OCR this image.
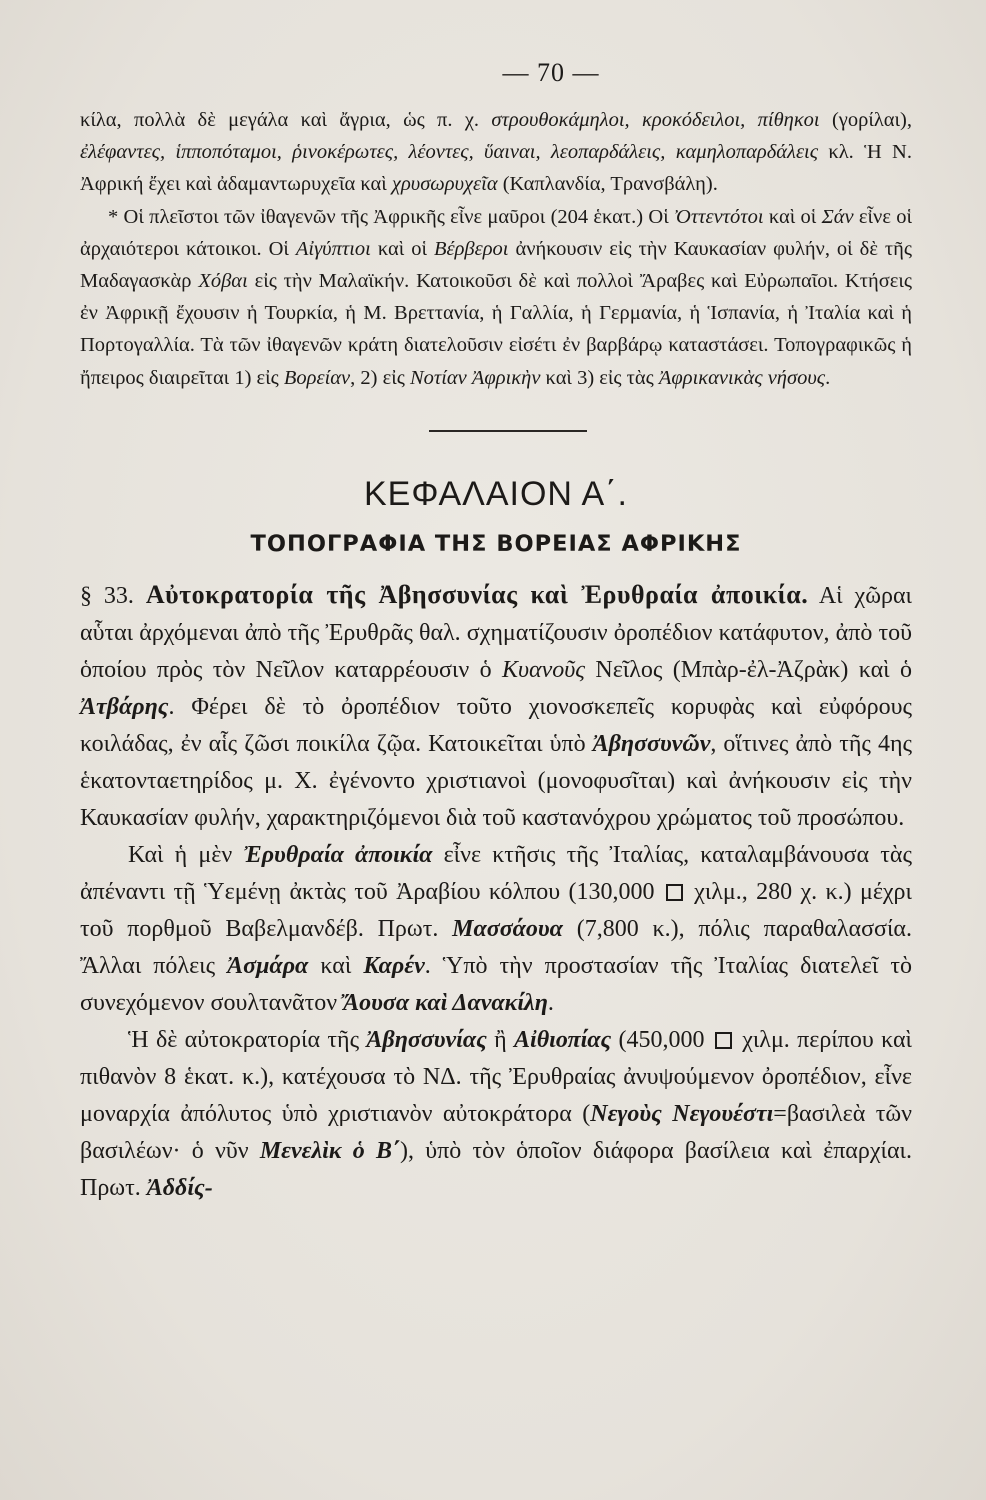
— 70 —

κίλα, πολλὰ δὲ μεγάλα καὶ ἄγρια, ὡς π. χ. στρουθοκάμηλοι, κροκόδειλοι, πίθηκοι (γορίλαι), ἐλέφαντες, ἱπποπόταμοι, ῥινοκέρωτες, λέοντες, ὕαιναι, λεοπαρδάλεις, καμηλοπαρδάλεις κλ. Ἡ Ν. Ἀφρική ἔχει καὶ ἀδαμαντωρυχεῖα καὶ χρυσωρυχεῖα (Καπλανδία, Τρανσβάλη).

* Οἱ πλεῖστοι τῶν ἰθαγενῶν τῆς Ἀφρικῆς εἶνε μαῦροι (204 ἑκατ.) Οἱ Ὀττεντότοι καὶ οἱ Σάν εἶνε οἱ ἀρχαιότεροι κάτοικοι. Οἱ Αἰγύπτιοι καὶ οἱ Βέρβεροι ἀνήκουσιν εἰς τὴν Καυκασίαν φυλήν, οἱ δὲ τῆς Μαδαγασκὰρ Χόβαι εἰς τὴν Μαλαϊκήν. Κατοικοῦσι δὲ καὶ πολλοὶ Ἄραβες καὶ Εὐρωπαῖοι. Κτήσεις ἐν Ἀφρικῇ ἔχουσιν ἡ Τουρκία, ἡ Μ. Βρεττανία, ἡ Γαλλία, ἡ Γερμανία, ἡ Ἱσπανία, ἡ Ἰταλία καὶ ἡ Πορτογαλλία. Τὰ τῶν ἰθαγενῶν κράτη διατελοῦσιν εἰσέτι ἐν βαρβάρῳ καταστάσει. Τοπογραφικῶς ἡ ἤπειρος διαιρεῖται 1) εἰς Βορείαν, 2) εἰς Νοτίαν Ἀφρικὴν καὶ 3) εἰς τὰς Ἀφρικανικὰς νήσους.

ΚΕΦΑΛΑΙΟΝ Α΄.
ΤΟΠΟΓΡΑΦΙΑ ΤΗΣ ΒΟΡΕΙΑΣ ΑΦΡΙΚΗΣ

§ 33. Αὐτοκρατορία τῆς Ἀβησσυνίας καὶ Ἐρυθραία ἀποικία. Αἱ χῶραι αὗται ἀρχόμεναι ἀπὸ τῆς Ἐρυθρᾶς θαλ. σχηματίζουσιν ὀροπέδιον κατάφυτον, ἀπὸ τοῦ ὁποίου πρὸς τὸν Νεῖλον καταρρέουσιν ὁ Κυανοῦς Νεῖλος (Μπὰρ-ἐλ-Ἀζρὰκ) καὶ ὁ Ἀτβάρης. Φέρει δὲ τὸ ὀροπέδιον τοῦτο χιονοσκεπεῖς κορυφὰς καὶ εὐφόρους κοιλάδας, ἐν αἷς ζῶσι ποικίλα ζῷα. Κατοικεῖται ὑπὸ Ἀβησσυνῶν, οἵτινες ἀπὸ τῆς 4ης ἑκατονταετηρίδος μ. Χ. ἐγένοντο χριστιανοὶ (μονοφυσῖται) καὶ ἀνήκουσιν εἰς τὴν Καυκασίαν φυλήν, χαρακτηριζόμενοι διὰ τοῦ καστανόχρου χρώματος τοῦ προσώπου.

Καὶ ἡ μὲν Ἐρυθραία ἀποικία εἶνε κτῆσις τῆς Ἰταλίας, καταλαμβάνουσα τὰς ἀπέναντι τῇ Ὑεμένῃ ἀκτὰς τοῦ Ἀραβίου κόλπου (130,000  χιλμ., 280 χ. κ.) μέχρι τοῦ πορθμοῦ Βαβελμανδέβ. Πρωτ. Μασσάουα (7,800 κ.), πόλις παραθαλασσία. Ἄλλαι πόλεις Ἀσμάρα καὶ Καρέν. Ὑπὸ τὴν προστασίαν τῆς Ἰταλίας διατελεῖ τὸ συνεχόμενον σουλτανᾶτον Ἄουσα καὶ Δανακίλη.

Ἡ δὲ αὐτοκρατορία τῆς Ἀβησσυνίας ἢ Αἰθιοπίας (450,000  χιλμ. περίπου καὶ πιθανὸν 8 ἑκατ. κ.), κατέχουσα τὸ ΝΔ. τῆς Ἐρυθραίας ἀνυψούμενον ὀροπέδιον, εἶνε μοναρχία ἀπόλυτος ὑπὸ χριστιανὸν αὐτοκράτορα (Νεγοὺς Νεγουέστι=βασιλεὰ τῶν βασιλέων· ὁ νῦν Μενελὶκ ὁ Β΄), ὑπὸ τὸν ὁποῖον διάφορα βασίλεια καὶ ἐπαρχίαι. Πρωτ. Ἀδδίς-
